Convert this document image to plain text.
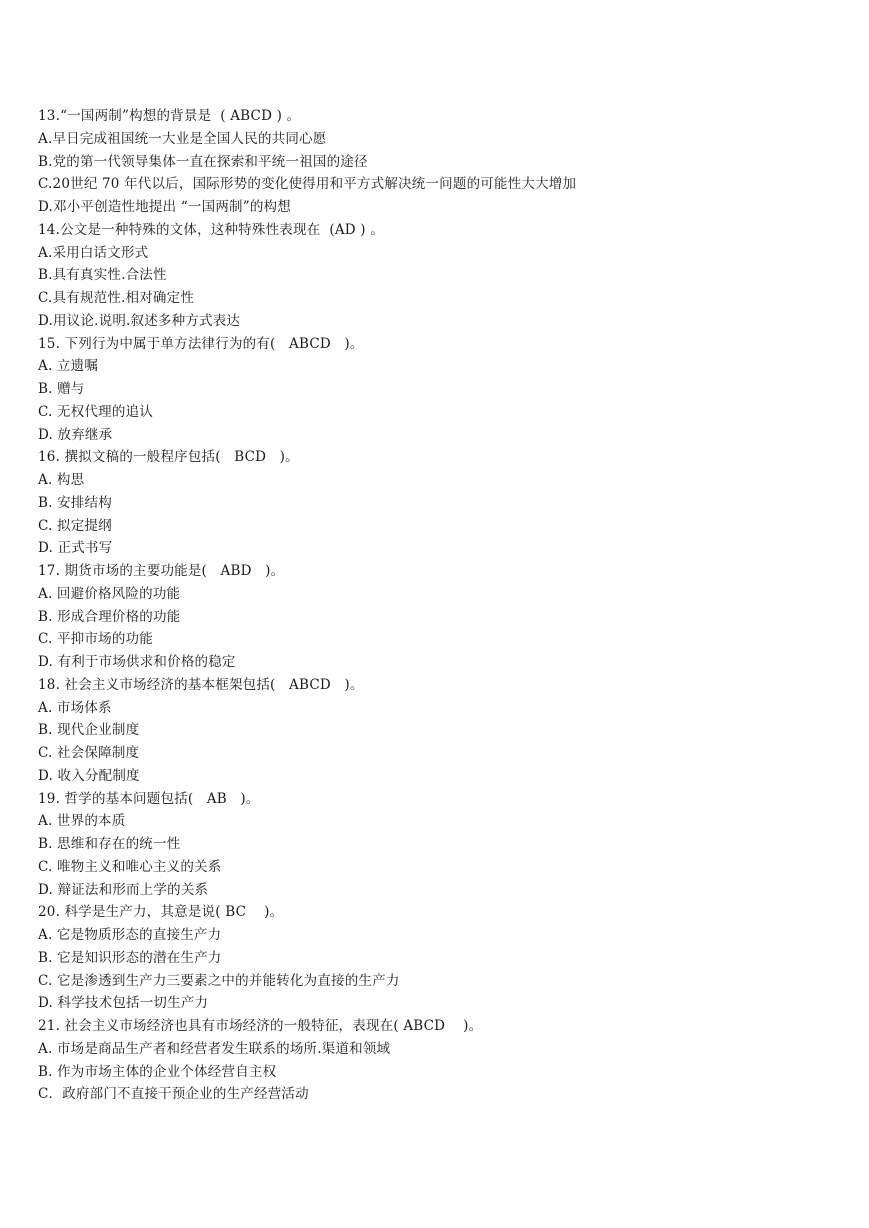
13.“一国两制”构想的背景是  ( ABCD ) 。
A.早日完成祖国统一大业是全国人民的共同心愿
B.党的第一代领导集体一直在探索和平统一祖国的途径
C.20世纪 70 年代以后，国际形势的变化使得用和平方式解决统一问题的可能性大大增加
D.邓小平创造性地提出 “一国两制”的构想
14.公文是一种特殊的文体，这种特殊性表现在  (AD ) 。
A.采用白话文形式
B.具有真实性.合法性
C.具有规范性.相对确定性
D.用议论.说明.叙述多种方式表达
15. 下列行为中属于单方法律行为的有(   ABCD   )。
A. 立遗嘱
B. 赠与
C. 无权代理的追认
D. 放弃继承
16. 撰拟文稿的一般程序包括(   BCD   )。
A. 构思
B. 安排结构
C. 拟定提纲
D. 正式书写
17. 期货市场的主要功能是(   ABD   )。
A. 回避价格风险的功能
B. 形成合理价格的功能
C. 平抑市场的功能
D. 有利于市场供求和价格的稳定
18. 社会主义市场经济的基本框架包括(   ABCD   )。
A. 市场体系
B. 现代企业制度
C. 社会保障制度
D. 收入分配制度
19. 哲学的基本问题包括(   AB   )。
A. 世界的本质
B. 思维和存在的统一性
C. 唯物主义和唯心主义的关系
D. 辩证法和形而上学的关系
20. 科学是生产力，其意是说( BC    )。
A. 它是物质形态的直接生产力
B. 它是知识形态的潜在生产力
C. 它是渗透到生产力三要素之中的并能转化为直接的生产力
D. 科学技术包括一切生产力
21. 社会主义市场经济也具有市场经济的一般特征，表现在( ABCD    )。
A. 市场是商品生产者和经营者发生联系的场所.渠道和领域
B. 作为市场主体的企业个体经营自主权
C．政府部门不直接干预企业的生产经营活动
